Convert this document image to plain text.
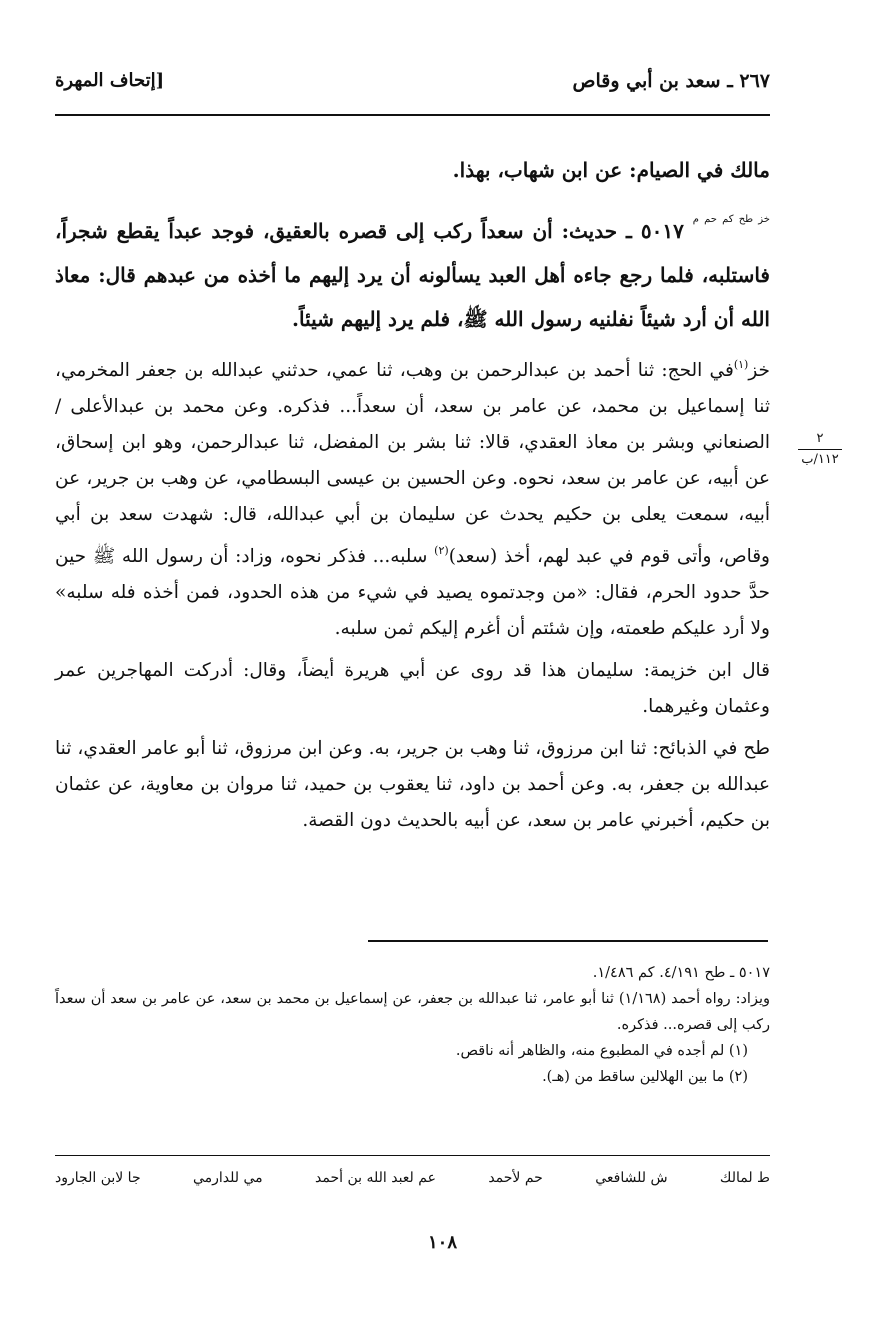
٢٦٧ ـ سعد بن أبي وقاص
[إتحاف المهرة

مالك في الصيام: عن ابن شهاب، بهذا.

$^{خز طح كم حم م}$ ٥٠١٧ ـ حديث: أن سعداً ركب إلى قصره بالعقيق، فوجد عبداً يقطع شجراً، فاستلبه، فلما رجع جاءه أهل العبد يسألونه أن يرد إليهم ما أخذه من عبدهم قال: معاذ الله أن أرد شيئاً نفلنيه رسول الله ﷺ، فلم يرد إليهم شيئاً.

خز$^{(١)}$في الحج: ثنا أحمد بن عبدالرحمن بن وهب، ثنا عمي، حدثني عبدالله بن جعفر المخرمي، ثنا إسماعيل بن محمد، عن عامر بن سعد، أن سعداً... فذكره. وعن محمد بن عبدالأعلى / الصنعاني وبشر بن معاذ العقدي، قالا: ثنا بشر بن المفضل، ثنا عبدالرحمن، وهو ابن إسحاق، عن أبيه، عن عامر بن سعد، نحوه. وعن الحسين بن عيسى البسطامي، عن وهب بن جرير، عن أبيه، سمعت يعلى بن حكيم يحدث عن سليمان بن أبي عبدالله، قال: شهدت سعد بن أبي وقاص، وأتى قوم في عبد لهم، أخذ (سعد)$^{(٢)}$ سلبه... فذكر نحوه، وزاد: أن رسول الله ﷺ حين حدَّ حدود الحرم، فقال: «من وجدتموه يصيد في شيء من هذه الحدود، فمن أخذه فله سلبه» ولا أرد عليكم طعمته، وإن شئتم أن أغرم إليكم ثمن سلبه.

قال ابن خزيمة: سليمان هذا قد روى عن أبي هريرة أيضاً، وقال: أدركت المهاجرين عمر وعثمان وغيرهما.

طح في الذبائح: ثنا ابن مرزوق، ثنا وهب بن جرير، به. وعن ابن مرزوق، ثنا أبو عامر العقدي، ثنا عبدالله بن جعفر، به. وعن أحمد بن داود، ثنا يعقوب بن حميد، ثنا مروان بن معاوية، عن عثمان بن حكيم، أخبرني عامر بن سعد، عن أبيه بالحديث دون القصة.

٢
١١٢/ب

٥٠١٧ ـ طح ٤/١٩١. كم ١/٤٨٦.

ويزاد: رواه أحمد (١/١٦٨) ثنا أبو عامر، ثنا عبدالله بن جعفر، عن إسماعيل بن محمد بن سعد، عن عامر بن سعد أن سعداً ركب إلى قصره... فذكره.

(١) لم أجده في المطبوع منه، والظاهر أنه ناقص.

(٢) ما بين الهلالين ساقط من (هـ).

ط لمالك
ش للشافعي
حم لأحمد
عم لعبد الله بن أحمد
مي للدارمي
جا لابن الجارود
١٠٨
